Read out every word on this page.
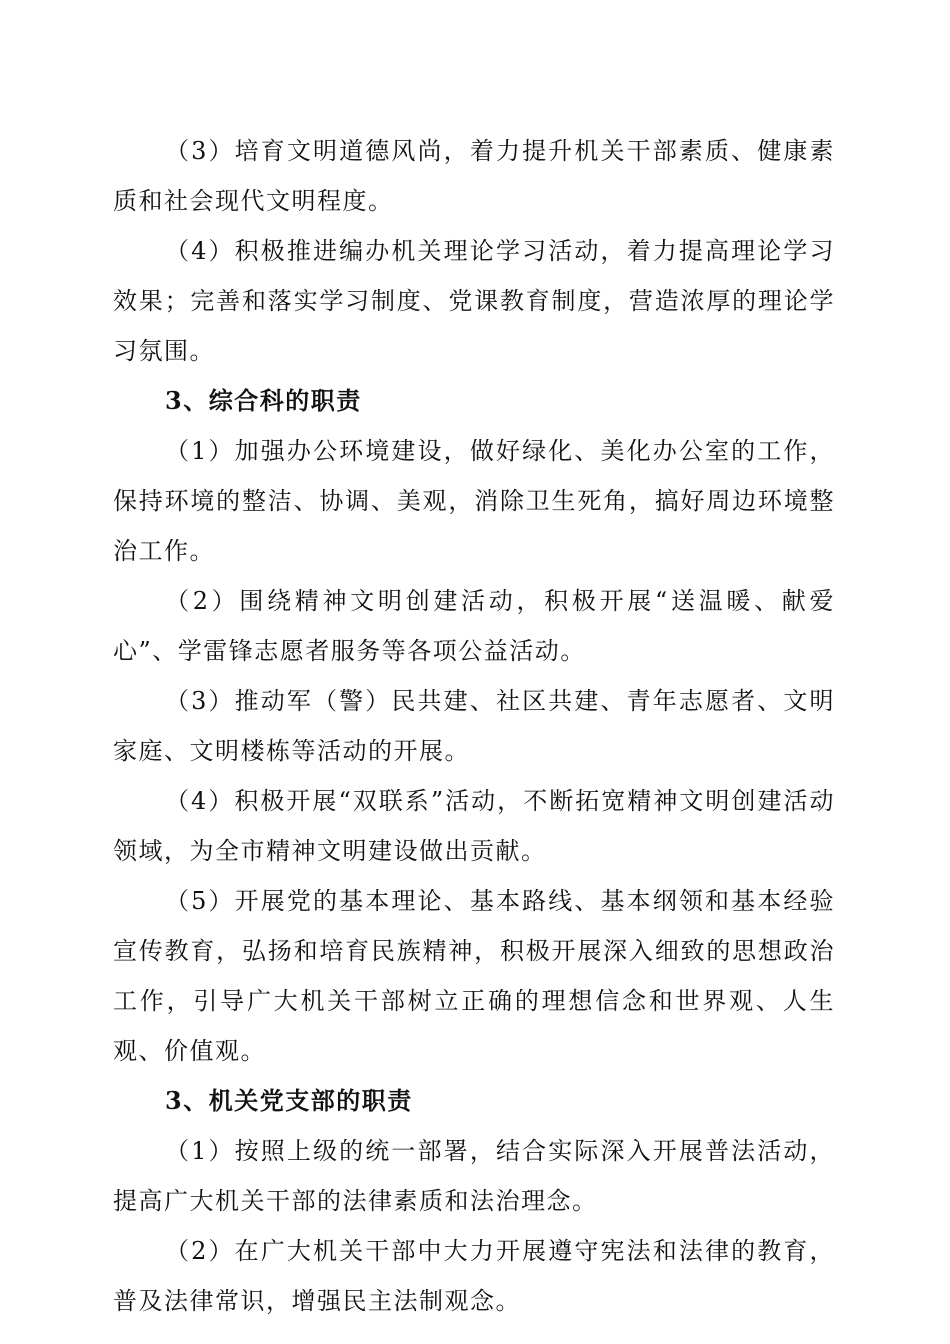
（3）培育文明道德风尚，着力提升机关干部素质、健康素质和社会现代文明程度。

（4）积极推进编办机关理论学习活动，着力提高理论学习效果；完善和落实学习制度、党课教育制度，营造浓厚的理论学习氛围。

3、综合科的职责

（1）加强办公环境建设，做好绿化、美化办公室的工作，保持环境的整洁、协调、美观，消除卫生死角，搞好周边环境整治工作。

（2）围绕精神文明创建活动，积极开展“送温暖、献爱心”、学雷锋志愿者服务等各项公益活动。

（3）推动军（警）民共建、社区共建、青年志愿者、文明家庭、文明楼栋等活动的开展。

（4）积极开展“双联系”活动，不断拓宽精神文明创建活动领域，为全市精神文明建设做出贡献。

（5）开展党的基本理论、基本路线、基本纲领和基本经验宣传教育，弘扬和培育民族精神，积极开展深入细致的思想政治工作，引导广大机关干部树立正确的理想信念和世界观、人生观、价值观。

3、机关党支部的职责

（1）按照上级的统一部署，结合实际深入开展普法活动，提高广大机关干部的法律素质和法治理念。

（2）在广大机关干部中大力开展遵守宪法和法律的教育，普及法律常识，增强民主法制观念。
